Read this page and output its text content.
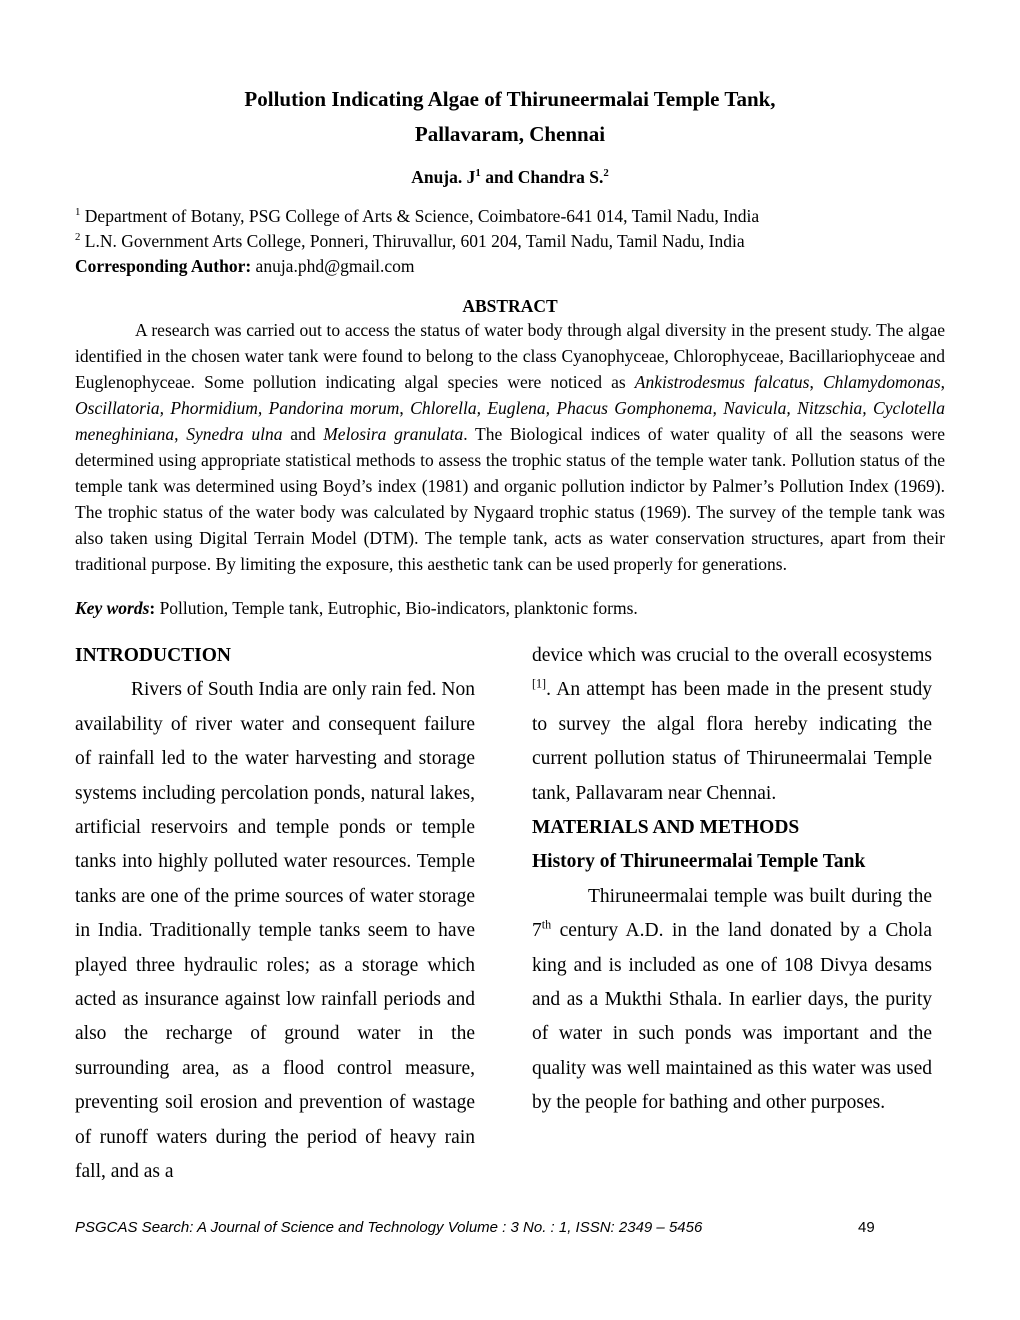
Pollution Indicating Algae of Thiruneermalai Temple Tank,
Pallavaram, Chennai
Anuja. $J^1$ and Chandra S.$^2$
$^1$ Department of Botany, PSG College of Arts & Science, Coimbatore-641 014, Tamil Nadu, India
$^2$ L.N. Government Arts College, Ponneri, Thiruvallur, 601 204, Tamil Nadu, Tamil Nadu, India
Corresponding Author: anuja.phd@gmail.com
ABSTRACT

A research was carried out to access the status of water body through algal diversity in the present study. The algae identified in the chosen water tank were found to belong to the class Cyanophyceae, Chlorophyceae, Bacillariophyceae and Euglenophyceae. Some pollution indicating algal species were noticed as Ankistrodesmus falcatus, Chlamydomonas, Oscillatoria, Phormidium, Pandorina morum, Chlorella, Euglena, Phacus Gomphonema, Navicula, Nitzschia, Cyclotella meneghiniana, Synedra ulna and Melosira granulata. The Biological indices of water quality of all the seasons were determined using appropriate statistical methods to assess the trophic status of the temple water tank. Pollution status of the temple tank was determined using Boyd’s index (1981) and organic pollution indictor by Palmer’s Pollution Index (1969). The trophic status of the water body was calculated by Nygaard trophic status (1969). The survey of the temple tank was also taken using Digital Terrain Model (DTM). The temple tank, acts as water conservation structures, apart from their traditional purpose. By limiting the exposure, this aesthetic tank can be used properly for generations.

Key words: Pollution, Temple tank, Eutrophic, Bio-indicators, planktonic forms.
INTRODUCTION

Rivers of South India are only rain fed. Non availability of river water and consequent failure of rainfall led to the water harvesting and storage systems including percolation ponds, natural lakes, artificial reservoirs and temple ponds or temple tanks into highly polluted water resources. Temple tanks are one of the prime sources of water storage in India. Traditionally temple tanks seem to have played three hydraulic roles; as a storage which acted as insurance against low rainfall periods and also the recharge of ground water in the surrounding area, as a flood control measure, preventing soil erosion and prevention of wastage of runoff waters during the period of heavy rain fall, and as a

device which was crucial to the overall ecosystems [1]. An attempt has been made in the present study to survey the algal flora hereby indicating the current pollution status of Thiruneermalai Temple tank, Pallavaram near Chennai.

MATERIALS AND METHODS
History of Thiruneermalai Temple Tank

Thiruneermalai temple was built during the 7th century A.D. in the land donated by a Chola king and is included as one of 108 Divya desams and as a Mukthi Sthala. In earlier days, the purity of water in such ponds was important and the quality was well maintained as this water was used by the people for bathing and other purposes.

PSGCAS Search: A Journal of Science and Technology Volume : 3 No. : 1, ISSN: 2349 – 5456	49
